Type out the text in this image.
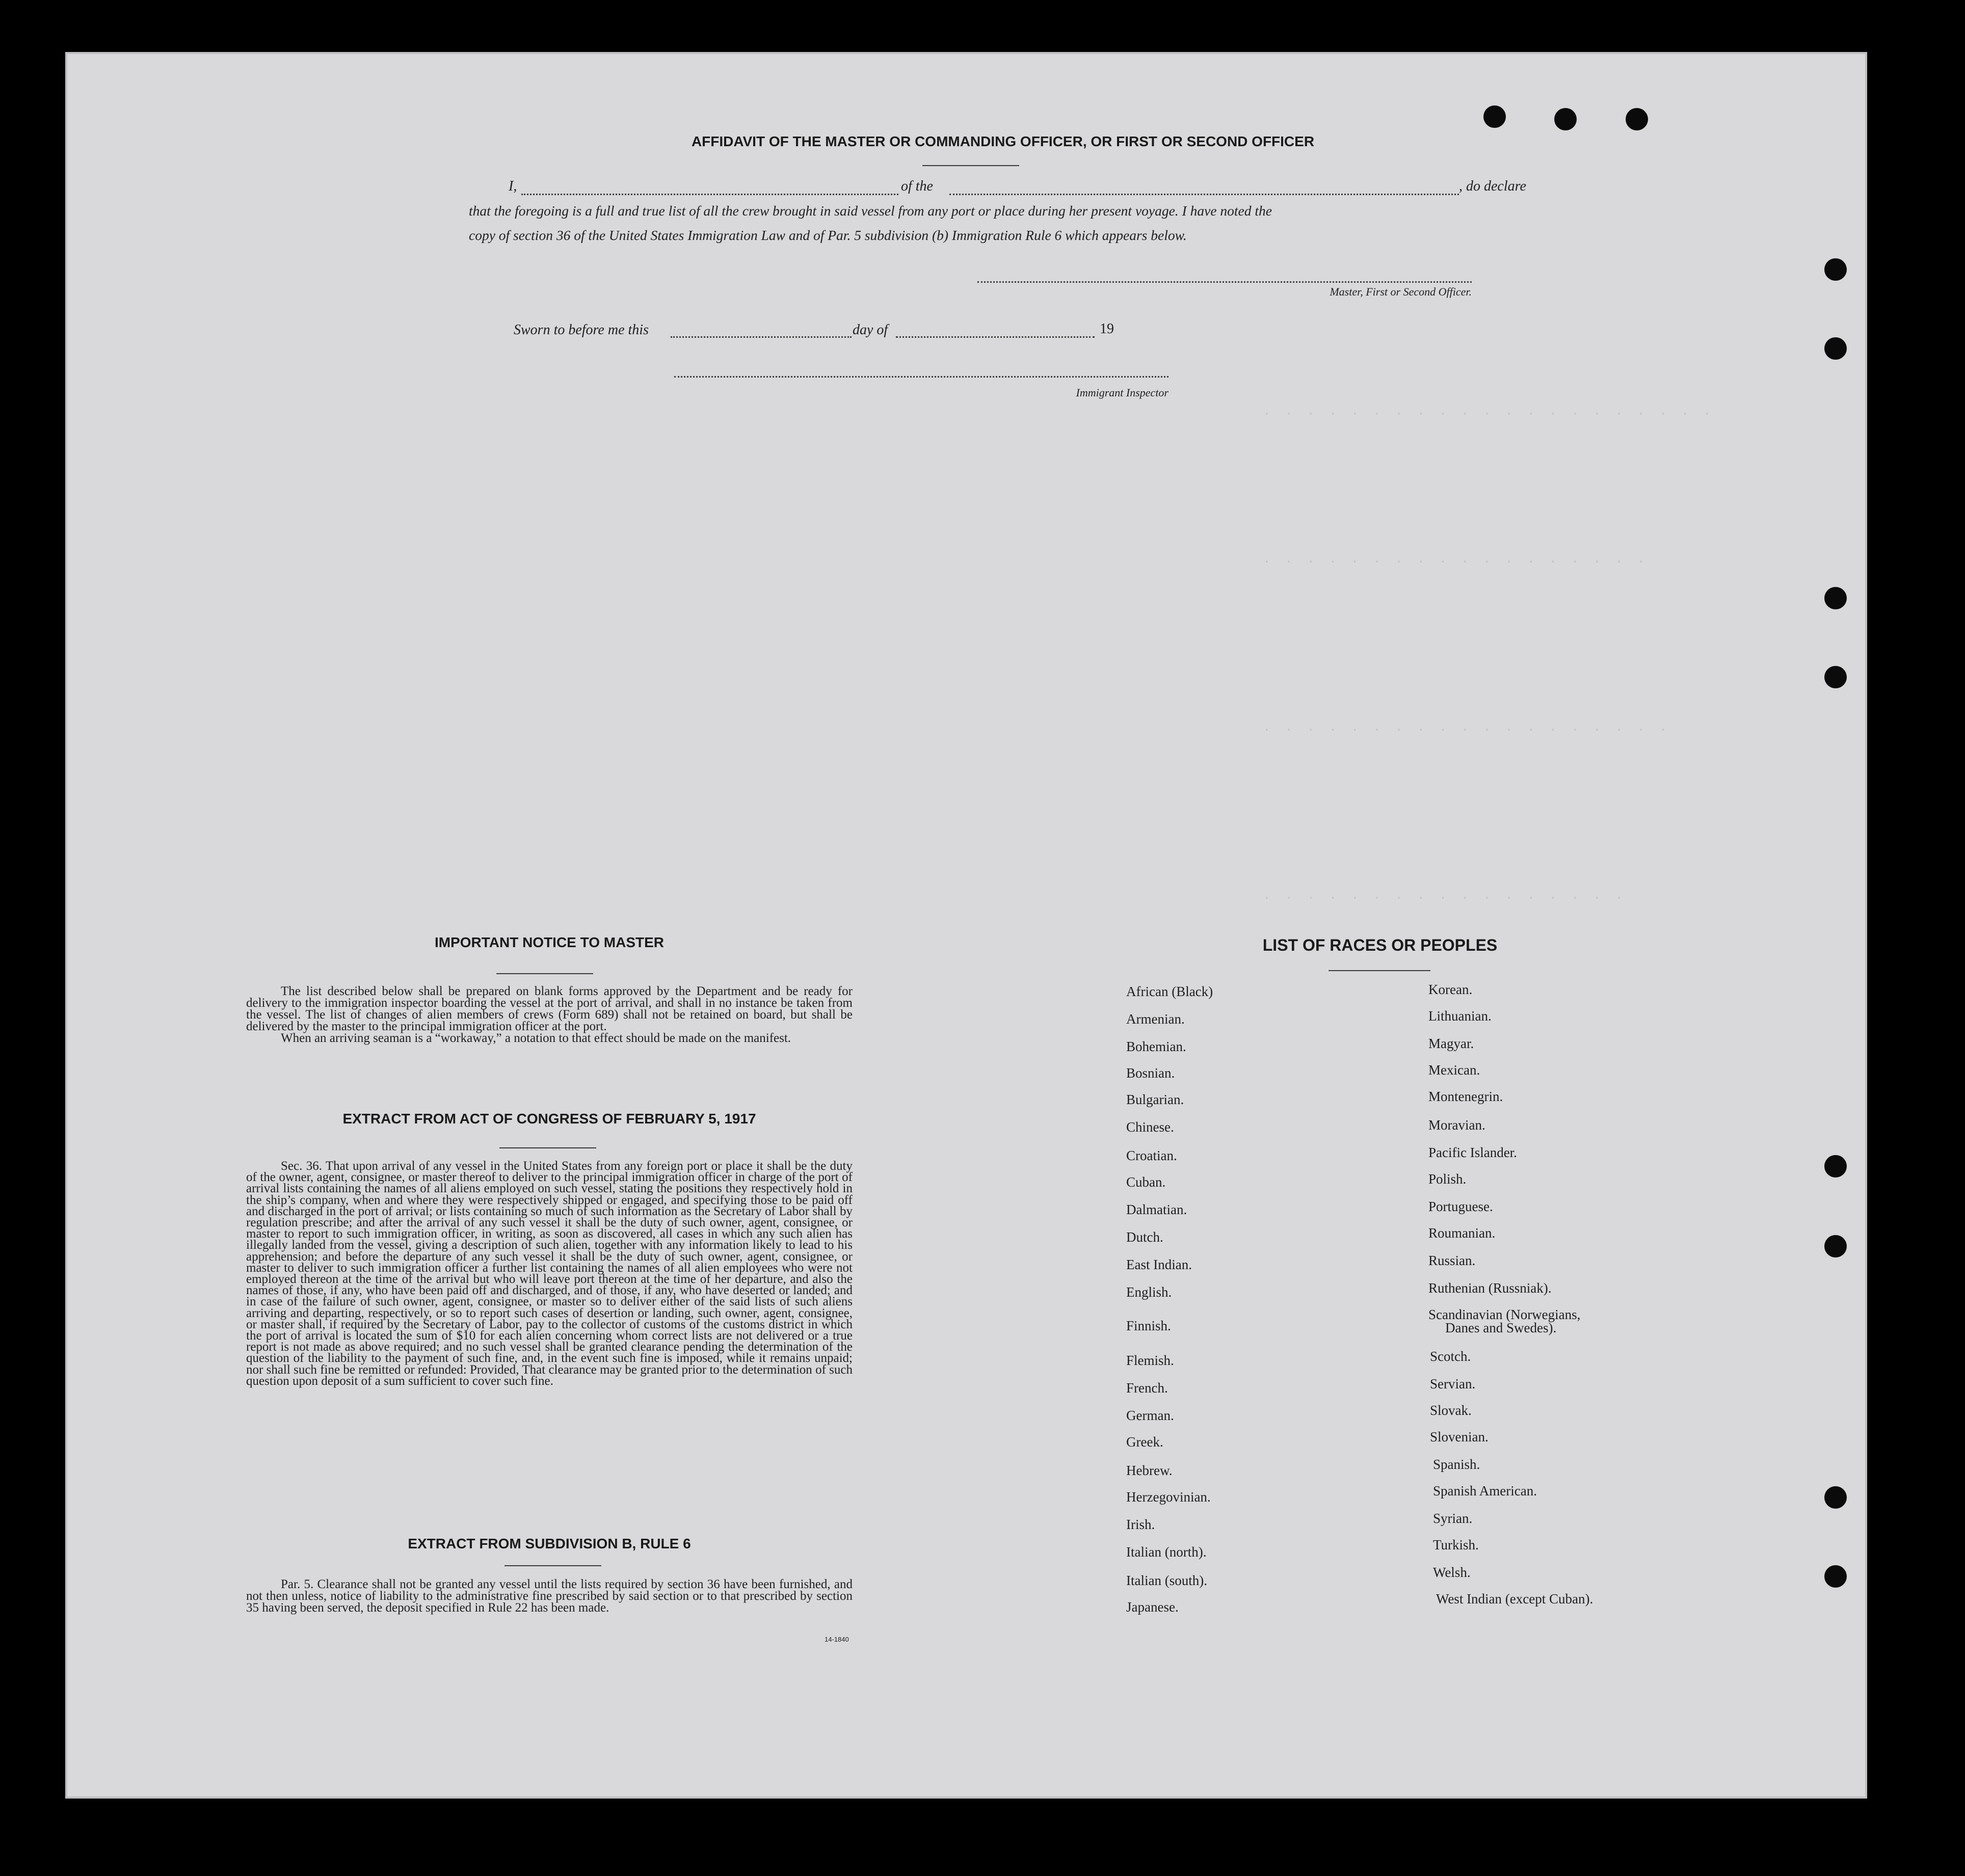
. . . . . . . . . . . . . . . . . . . . .
. . . . . . . . . . . . . . . . . .
. . . . . . . . . . . . . . . . . . .
. . . . . . . . . . . . . . . . .
AFFIDAVIT OF THE MASTER OR COMMANDING OFFICER, OR FIRST OR SECOND OFFICER
I,	of the	, do declare
that the foregoing is a full and true list of all the crew brought in said vessel from any port or place during her present voyage. I have noted the
copy of section 36 of the United States Immigration Law and of Par. 5 subdivision (b) Immigration Rule 6 which appears below.
Master, First or Second Officer.
Sworn to before me this	day of	19
Immigrant Inspector
IMPORTANT NOTICE TO MASTER

The list described below shall be prepared on blank forms approved by the Department and be ready for delivery to the immigration inspector boarding the vessel at the port of arrival, and shall in no instance be taken from the vessel. The list of changes of alien members of crews (Form 689) shall not be retained on board, but shall be delivered by the master to the principal immigration officer at the port.

When an arriving seaman is a “workaway,” a notation to that effect should be made on the manifest.

EXTRACT FROM ACT OF CONGRESS OF FEBRUARY 5, 1917

Sec. 36. That upon arrival of any vessel in the United States from any foreign port or place it shall be the duty of the owner, agent, consignee, or master thereof to deliver to the principal immigration officer in charge of the port of arrival lists containing the names of all aliens employed on such vessel, stating the positions they respectively hold in the ship’s company, when and where they were respectively shipped or engaged, and specifying those to be paid off and discharged in the port of arrival; or lists containing so much of such information as the Secretary of Labor shall by regulation prescribe; and after the arrival of any such vessel it shall be the duty of such owner, agent, consignee, or master to report to such immigration officer, in writing, as soon as discovered, all cases in which any such alien has illegally landed from the vessel, giving a description of such alien, together with any information likely to lead to his apprehension; and before the departure of any such vessel it shall be the duty of such owner, agent, consignee, or master to deliver to such immigration officer a further list containing the names of all alien employees who were not employed thereon at the time of the arrival but who will leave port thereon at the time of her departure, and also the names of those, if any, who have been paid off and discharged, and of those, if any, who have deserted or landed; and in case of the failure of such owner, agent, consignee, or master so to deliver either of the said lists of such aliens arriving and departing, respectively, or so to report such cases of desertion or landing, such owner, agent, consignee, or master shall, if required by the Secretary of Labor, pay to the collector of customs of the customs district in which the port of arrival is located the sum of $10 for each alien concerning whom correct lists are not delivered or a true report is not made as above required; and no such vessel shall be granted clearance pending the determination of the question of the liability to the payment of such fine, and, in the event such fine is imposed, while it remains unpaid; nor shall such fine be remitted or refunded: Provided, That clearance may be granted prior to the determination of such question upon deposit of a sum sufficient to cover such fine.

EXTRACT FROM SUBDIVISION B, RULE 6

Par. 5. Clearance shall not be granted any vessel until the lists required by section 36 have been furnished, and not then unless, notice of liability to the administrative fine prescribed by said section or to that prescribed by section 35 having been served, the deposit specified in Rule 22 has been made.

14-1840
LIST OF RACES OR PEOPLES
African (Black)
Armenian.
Bohemian.
Bosnian.
Bulgarian.
Chinese.
Croatian.
Cuban.
Dalmatian.
Dutch.
East Indian.
English.
Finnish.
Flemish.
French.
German.
Greek.
Hebrew.
Herzegovinian.
Irish.
Italian (north).
Italian (south).
Japanese.
Korean.
Lithuanian.
Magyar.
Mexican.
Montenegrin.
Moravian.
Pacific Islander.
Polish.
Portuguese.
Roumanian.
Russian.
Ruthenian (Russniak).
Scandinavian (Norwegians,
Danes and Swedes).
Scotch.
Servian.
Slovak.
Slovenian.
Spanish.
Spanish American.
Syrian.
Turkish.
Welsh.
West Indian (except Cuban).
